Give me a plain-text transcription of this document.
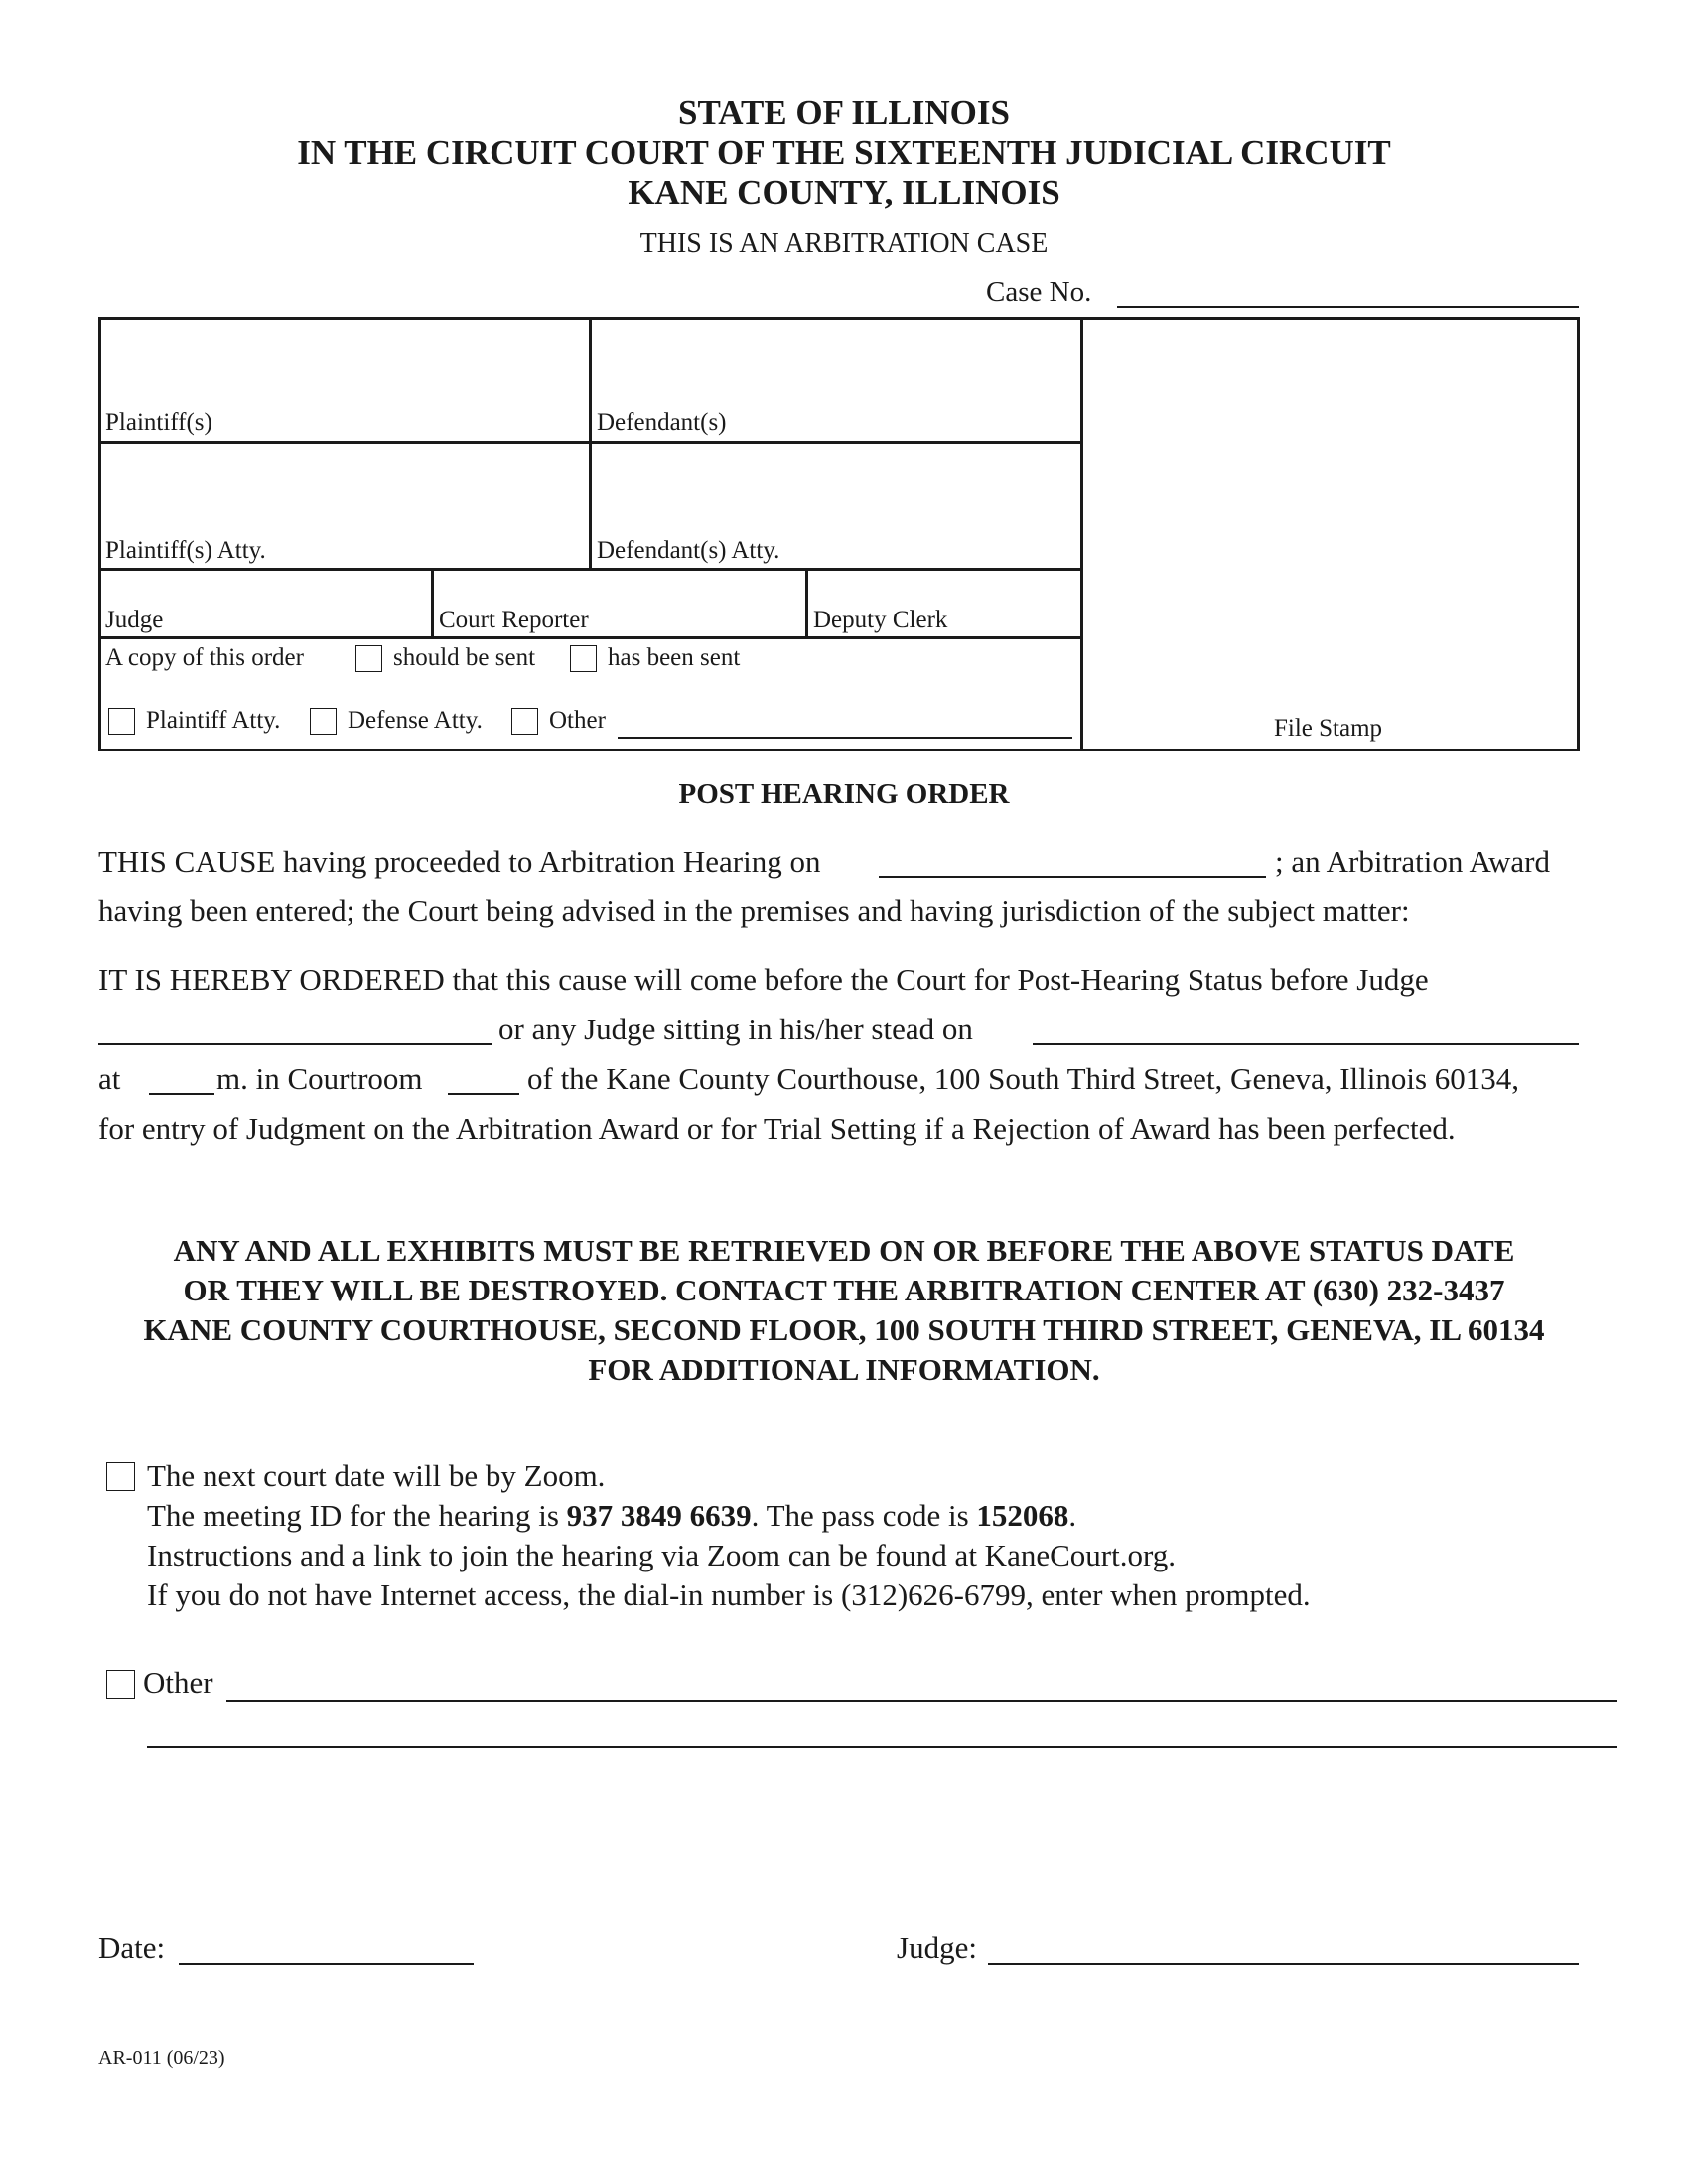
STATE OF ILLINOIS
IN THE CIRCUIT COURT OF THE SIXTEENTH JUDICIAL CIRCUIT
KANE COUNTY, ILLINOIS
THIS IS AN ARBITRATION CASE
Case No.
Plaintiff(s)	Defendant(s)
Plaintiff(s) Atty.	Defendant(s) Atty.
Judge	Court Reporter	Deputy Clerk
A copy of this order	should be sent	has been sent
Plaintiff Atty.	Defense Atty.	Other	File Stamp
POST HEARING ORDER
THIS CAUSE having proceeded to Arbitration Hearing on	; an Arbitration Award
having been entered; the Court being advised in the premises and having jurisdiction of the subject matter:
IT IS HEREBY ORDERED that this cause will come before the Court for Post-Hearing Status before Judge
or any Judge sitting in his/her stead on
at	m. in Courtroom	of the Kane County Courthouse, 100 South Third Street, Geneva, Illinois 60134,
for entry of Judgment on the Arbitration Award or for Trial Setting if a Rejection of Award has been perfected.
ANY AND ALL EXHIBITS MUST BE RETRIEVED ON OR BEFORE THE ABOVE STATUS DATE
OR THEY WILL BE DESTROYED. CONTACT THE ARBITRATION CENTER AT (630) 232-3437
KANE COUNTY COURTHOUSE, SECOND FLOOR, 100 SOUTH THIRD STREET, GENEVA, IL 60134
FOR ADDITIONAL INFORMATION.
The next court date will be by Zoom.
The meeting ID for the hearing is 937 3849 6639. The pass code is 152068.
Instructions and a link to join the hearing via Zoom can be found at KaneCourt.org.
If you do not have Internet access, the dial-in number is (312)626-6799, enter when prompted.
Other
Date:	Judge:
AR-011 (06/23)
